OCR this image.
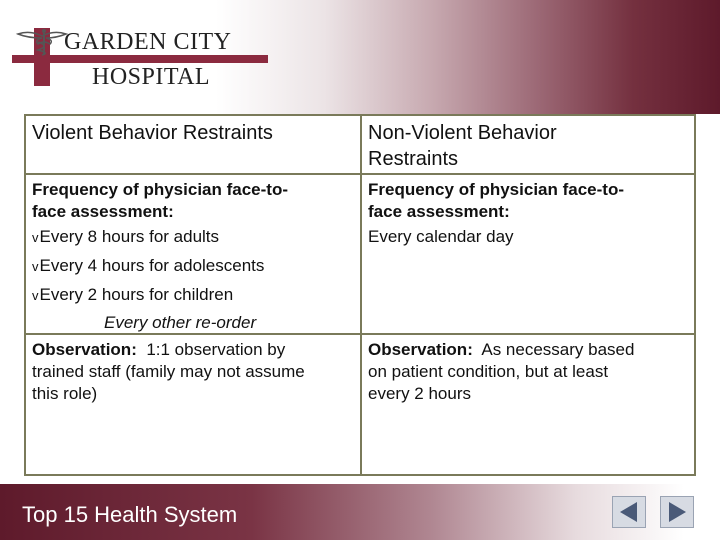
GARDEN CITY
HOSPITAL
Violent Behavior Restraints	Non-Violent Behavior
Restraints
Frequency of physician face-to-
face assessment:
vEvery 8 hours for adults
vEvery 4 hours for adolescents
vEvery 2 hours for children
Every other re-order
Frequency of physician face-to-
face assessment:
Every calendar day
Observation: 1:1 observation by
trained staff (family may not assume
this role)
Observation: As necessary based
on patient condition, but at least
every 2 hours
Top 15 Health System
